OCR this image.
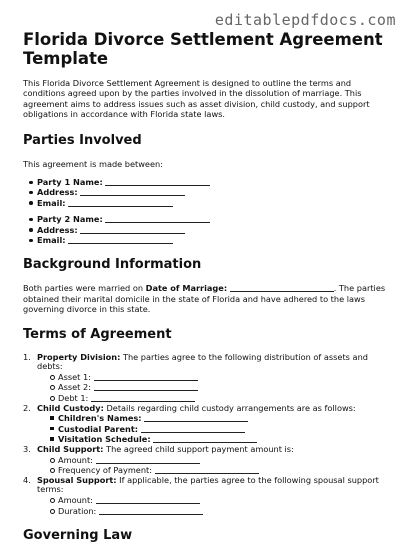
editablepdfdocs.com
Florida Divorce Settlement Agreement Template

This Florida Divorce Settlement Agreement is designed to outline the terms and conditions agreed upon by the parties involved in the dissolution of marriage. This agreement aims to address issues such as asset division, child custody, and support obligations in accordance with Florida state laws.

Parties Involved

This agreement is made between:

Party 1 Name:
Address:
Email:
Party 2 Name:
Address:
Email:
Background Information

Both parties were married on Date of Marriage:	. The parties obtained their marital domicile in the state of Florida and have adhered to the laws governing divorce in this state.

Terms of Agreement
1. Property Division: The parties agree to the following distribution of assets and debts:
Asset 1:
Asset 2:
Debt 1:
2. Child Custody: Details regarding child custody arrangements are as follows:
Children's Names:
Custodial Parent:
Visitation Schedule:
3. Child Support: The agreed child support payment amount is:
Amount:
Frequency of Payment:
4. Spousal Support: If applicable, the parties agree to the following spousal support terms:
Amount:
Duration:
Governing Law
